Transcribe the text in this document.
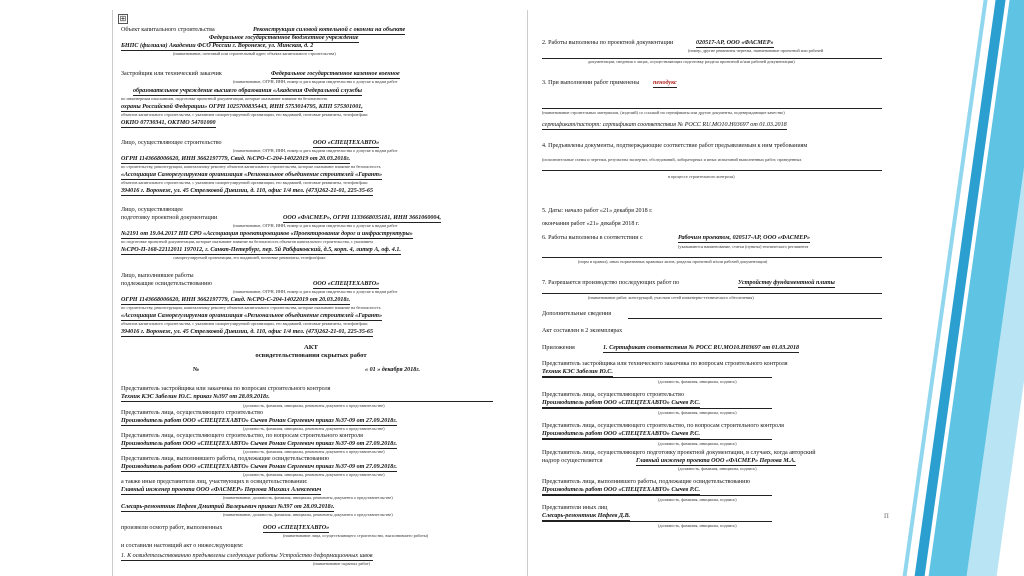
Объект капитального строительства	Реконструкция силовой котельной с оконми на объекте
Федеральное государственное бюджетное учреждение
БНПС (филиала) Академии ФСО России г. Воронеже, ул. Минская, д. 2
(наименование, почтовый или строительный адрес объекта капитального строительства)
Застройщик или технический заказчик	Федеральное государственное казенное военное
(наименование, ОГРН, ИНН, номер и дата выдачи свидетельства о допуске к видам работ
образовательное учреждение высшего образования «Академия Федеральной службы
по инженерным изысканиям, подготовке проектной документации, которые оказывают влияние на безопасность
охраны Российской Федерации» ОГРН 1025700835443, ИНН 5753014795, КПП 575301001,
объектов капитального строительства, с указанием саморегулируемой организации, его выдавшей, почтовые реквизиты, телефон/факс
ОКПО 07730341, ОКТМО 54701000
Лицо, осуществляющее строительство	ООО «СПЕЦТЕХАВТО»
(наименование, ОГРН, ИНН, номер и дата выдачи свидетельства о допуске к видам работ
ОГРН 1143668006620, ИНН 3662197779, Свид. №СРО-С-204-14022019 от 20.03.2018г.
по строительству, реконструкции, капитальному ремонту объектов капитального строительства, которые оказывают влияние на безопасность
«Ассоциация Саморегулируемая организация «Региональное объединение строителей «Гарант»
объектов капитального строительства, с указанием саморегулируемой организации, его выдавшей, почтовые реквизиты, телефон/факс
394016 г. Воронеж, ул. 45 Стрелковой Дивизии, д. 110, офис 1/4 тел. (473)262-21-01, 225-35-65
Лицо, осуществляющее
подготовку проектной документации	ООО «ФАСМЕР», ОГРН 1133668035181, ИНН 3661060004,
(наименование, ОГРН, ИНН, номер и дата выдачи свидетельства о допуске к видам работ
№2191 от 19.04.2017 НП СРО «Ассоциация проектировщиков «Проектирование дорог и инфраструктуры»
по подготовке проектной документации, которые оказывают влияние на безопасность объектов капитального строительства, с указанием
№СРО-П-168-22112011 197012, г. Санкт-Петербург, пер. 5й Рабфаковский, д.5, корп. 4, литер А, оф. 4.1.
саморегулируемой организации, его выдавшей, почтовые реквизиты, телефон/факс
Лицо, выполнившее работы
подлежащие освидетельствованию	ООО «СПЕЦТЕХАВТО»
(наименование, ОГРН, ИНН, номер и дата выдачи свидетельства о допуске к видам работ
ОГРН 1143668006620, ИНН 3662197779, Свид. №СРО-С-204-14022019 от 20.03.2018г.
по строительству, реконструкции, капитальному ремонту объектов капитального строительства, которые оказывают влияние на безопасность
«Ассоциация Саморегулируемая организация «Региональное объединение строителей «Гарант»
объектов капитального строительства, с указанием саморегулируемой организации, его выдавшей, почтовые реквизиты, телефон/факс
394016 г. Воронеж, ул. 45 Стрелковой Дивизии, д. 110, офис 1/4 тел. (473)262-21-01, 225-35-65
АКТ
освидетельствования скрытых работ
№	« 01 » декабря 2018г.
Представитель застройщика или заказчика по вопросам строительного контроля
Техник КЭС Забелин Ю.С. приказ №397 от 28.09.2018г.
(должность, фамилия, инициалы, реквизиты документа о представительстве)
Представитель лица, осуществляющего строительство
Производитель работ ООО «СПЕЦТЕХАВТО» Сычев Роман Сергеевич приказ №37-09 от 27.09.2018г.
(должность, фамилия, инициалы, реквизиты документа о представительстве)
Представитель лица, осуществляющего строительство, по вопросам строительного контроля
Производитель работ ООО «СПЕЦТЕХАВТО» Сычев Роман Сергеевич приказ №37-09 от 27.09.2018г.
(должность, фамилия, инициалы, реквизиты документа о представительстве)
Представитель лица, выполнившего работы, подлежащие освидетельствованию
Производитель работ ООО «СПЕЦТЕХАВТО» Сычев Роман Сергеевич приказ №37-09 от 27.09.2018г.
(должность, фамилия, инициалы, реквизиты документа о представительстве)
а также иные представители лиц, участвующих в освидетельствовании:
Главный инженер проекта ООО «ФАСМЕР» Перлова Михаил Алексеевич
(наименование, должность, фамилия, инициалы, реквизиты документа о представительстве)
Слесарь-ремонтник Нефеев Дмитрий Валерьевич приказ №397 от 28.09.2018г.
(наименование, должность, фамилия, инициалы, реквизиты документа о представительстве)
произвели осмотр работ, выполненных	ООО «СПЕЦТЕХАВТО»
(наименование лица, осуществляющего строительство, выполнившего работы)
и составили настоящий акт о нижеследующем:
1. К освидетельствованию предъявлены следующие работы Устройство деформационных швов
(наименование скрытых работ)
⊞
2. Работы выполнены по проектной документации	020517-АР, ООО «ФАСМЕР»
(номер, другие реквизиты чертежа, наименование проектной или рабочей
документации, сведения о лицах, осуществляющих подготовку раздела проектной и/или рабочей документации)
3. При выполнении работ применены пенодукс
(наименование строительных материалов, (изделий) со ссылкой на сертификаты или другие документы, подтверждающие качество)
сертификат/паспорт: сертификат соответствия № РОСС RU.МО10.Н03697 от 01.03.2018
4. Предъявлены документы, подтверждающие соответствие работ предъявляемым к ним требованиям
(исполнительные схемы и чертежи, результаты экспертиз, обследований, лабораторных и иных испытаний выполненных работ, проведенных
в процессе строительного контроля)
5. Даты: начало работ «21» декабря 2018 г.
окончания работ «21» декабря 2018 г.
6. Работы выполнены в соответствии с	Рабочим проектом, 020517-АР, ООО «ФАСМЕР»
(указываются наименование, статьи (пункты) технического регламента
(норм и правил), иных нормативных правовых актов, разделы проектной и/или рабочей документации)
7. Разрешается производство последующих работ по	Устройству фундаментной плиты
(наименование работ, конструкций, участков сетей инженерно-технического обеспечения)
Дополнительные сведения
Акт составлен в 2 экземплярах
Приложения	1. Сертификат соответствия № РОСС RU.МО10.Н03697 от 01.03.2018
Представитель застройщика или технического заказчика по вопросам строительного контроля
Техник КЭС Забелин Ю.С.
(должность, фамилия, инициалы, подпись)
Представитель лица, осуществляющего строительство
Производитель работ ООО «СПЕЦТЕХАВТО» Сычев Р.С.
(должность, фамилия, инициалы, подпись)
Представитель лица, осуществляющего строительство, по вопросам строительного контроля
Производитель работ ООО «СПЕЦТЕХАВТО» Сычев Р.С.
(должность, фамилия, инициалы, подпись)
Представитель лица, осуществляющего подготовку проектной документации, в случаях, когда авторский
надзор осуществляется	Главный инженер проекта ООО «ФАСМЕР» Перлова М.А.
(должность, фамилия, инициалы, подпись)
Представитель лица, выполнившего работы, подлежащие освидетельствованию
Производитель работ ООО «СПЕЦТЕХАВТО» Сычев Р.С.
(должность, фамилия, инициалы, подпись)
Представители иных лиц
Слесарь-ремонтник Нефеев Д.В.
(должность, фамилия, инициалы, подпись)
п
